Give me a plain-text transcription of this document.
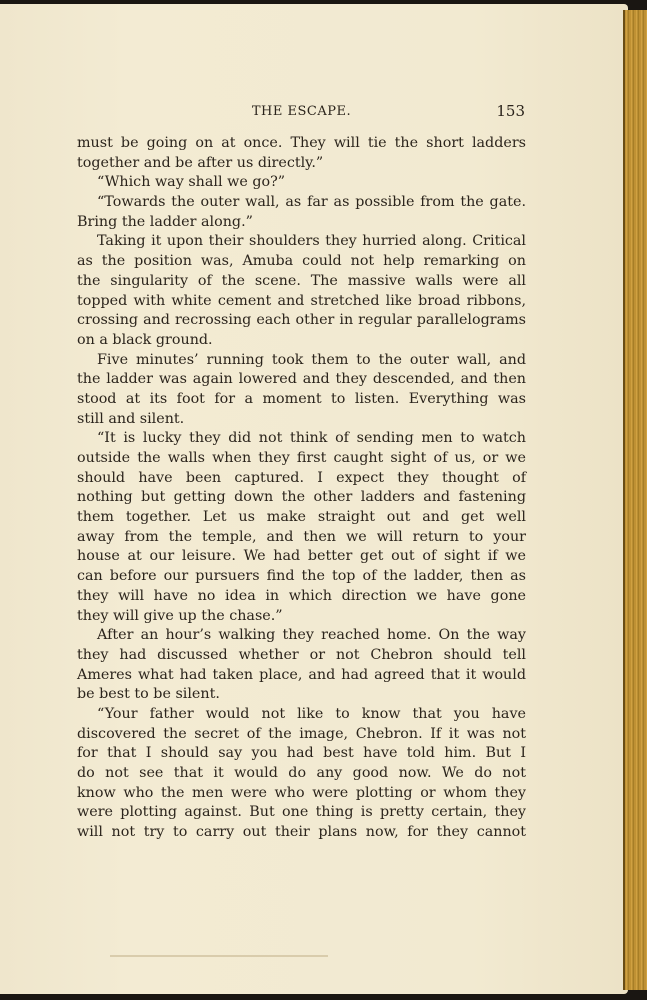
THE ESCAPE.	153
must be going on at once. They will tie the short ladders
together and be after us directly.”
“Which way shall we go?”
“Towards the outer wall, as far as possible from the gate.
Bring the ladder along.”
Taking it upon their shoulders they hurried along. Critical
as the position was, Amuba could not help remarking on
the singularity of the scene. The massive walls were all
topped with white cement and stretched like broad ribbons,
crossing and recrossing each other in regular parallelograms
on a black ground.
Five minutes’ running took them to the outer wall, and
the ladder was again lowered and they descended, and then
stood at its foot for a moment to listen. Everything was
still and silent.
“It is lucky they did not think of sending men to watch
outside the walls when they first caught sight of us, or we
should have been captured. I expect they thought of
nothing but getting down the other ladders and fastening
them together. Let us make straight out and get well
away from the temple, and then we will return to your
house at our leisure. We had better get out of sight if we
can before our pursuers find the top of the ladder, then as
they will have no idea in which direction we have gone
they will give up the chase.”
After an hour’s walking they reached home. On the way
they had discussed whether or not Chebron should tell
Ameres what had taken place, and had agreed that it would
be best to be silent.
“Your father would not like to know that you have
discovered the secret of the image, Chebron. If it was not
for that I should say you had best have told him. But I
do not see that it would do any good now. We do not
know who the men were who were plotting or whom they
were plotting against. But one thing is pretty certain, they
will not try to carry out their plans now, for they cannot
